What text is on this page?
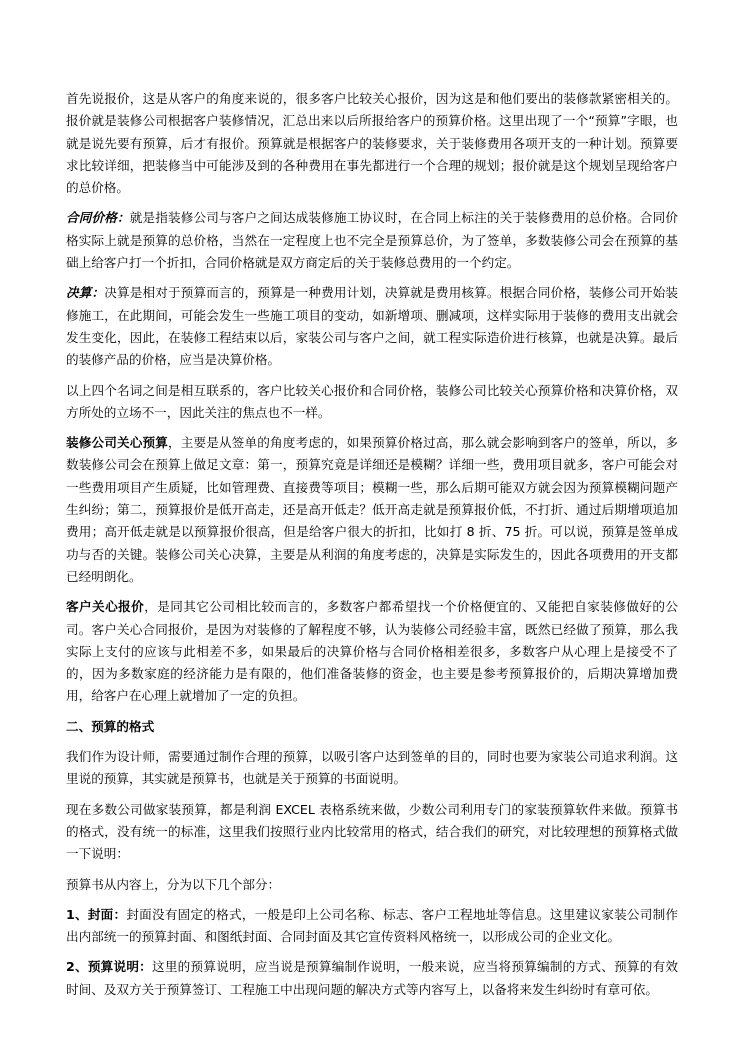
首先说报价，这是从客户的角度来说的，很多客户比较关心报价，因为这是和他们要出的装修款紧密相关的。报价就是装修公司根据客户装修情况，汇总出来以后所报给客户的预算价格。这里出现了一个“预算”字眼，也就是说先要有预算，后才有报价。预算就是根据客户的装修要求，关于装修费用各项开支的一种计划。预算要求比较详细，把装修当中可能涉及到的各种费用在事先都进行一个合理的规划；报价就是这个规划呈现给客户的总价格。

合同价格：就是指装修公司与客户之间达成装修施工协议时，在合同上标注的关于装修费用的总价格。合同价格实际上就是预算的总价格，当然在一定程度上也不完全是预算总价，为了签单，多数装修公司会在预算的基础上给客户打一个折扣，合同价格就是双方商定后的关于装修总费用的一个约定。

决算：决算是相对于预算而言的，预算是一种费用计划，决算就是费用核算。根据合同价格，装修公司开始装修施工，在此期间，可能会发生一些施工项目的变动，如新增项、删减项，这样实际用于装修的费用支出就会发生变化，因此，在装修工程结束以后，家装公司与客户之间，就工程实际造价进行核算，也就是决算。最后的装修产品的价格，应当是决算价格。

以上四个名词之间是相互联系的，客户比较关心报价和合同价格，装修公司比较关心预算价格和决算价格，双方所处的立场不一，因此关注的焦点也不一样。

装修公司关心预算，主要是从签单的角度考虑的，如果预算价格过高，那么就会影响到客户的签单，所以，多数装修公司会在预算上做足文章：第一，预算究竟是详细还是模糊？详细一些，费用项目就多，客户可能会对一些费用项目产生质疑，比如管理费、直接费等项目；模糊一些，那么后期可能双方就会因为预算模糊问题产生纠纷；第二，预算报价是低开高走，还是高开低走？低开高走就是预算报价低，不打折、通过后期增项追加费用；高开低走就是以预算报价很高，但是给客户很大的折扣，比如打 8 折、75 折。可以说，预算是签单成功与否的关键。装修公司关心决算，主要是从利润的角度考虑的，决算是实际发生的，因此各项费用的开支都已经明朗化。

客户关心报价，是同其它公司相比较而言的，多数客户都希望找一个价格便宜的、又能把自家装修做好的公司。客户关心合同报价，是因为对装修的了解程度不够，认为装修公司经验丰富，既然已经做了预算，那么我实际上支付的应该与此相差不多，如果最后的决算价格与合同价格相差很多，多数客户从心理上是接受不了的，因为多数家庭的经济能力是有限的，他们准备装修的资金，也主要是参考预算报价的，后期决算增加费用，给客户在心理上就增加了一定的负担。

二、预算的格式

我们作为设计师，需要通过制作合理的预算，以吸引客户达到签单的目的，同时也要为家装公司追求利润。这里说的预算，其实就是预算书，也就是关于预算的书面说明。

现在多数公司做家装预算，都是利润 EXCEL 表格系统来做，少数公司利用专门的家装预算软件来做。预算书的格式，没有统一的标准，这里我们按照行业内比较常用的格式，结合我们的研究，对比较理想的预算格式做一下说明：

预算书从内容上，分为以下几个部分：

1、封面：封面没有固定的格式，一般是印上公司名称、标志、客户工程地址等信息。这里建议家装公司制作出内部统一的预算封面、和图纸封面、合同封面及其它宣传资料风格统一，以形成公司的企业文化。

2、预算说明：这里的预算说明，应当说是预算编制作说明，一般来说，应当将预算编制的方式、预算的有效时间、及双方关于预算签订、工程施工中出现问题的解决方式等内容写上，以备将来发生纠纷时有章可依。
